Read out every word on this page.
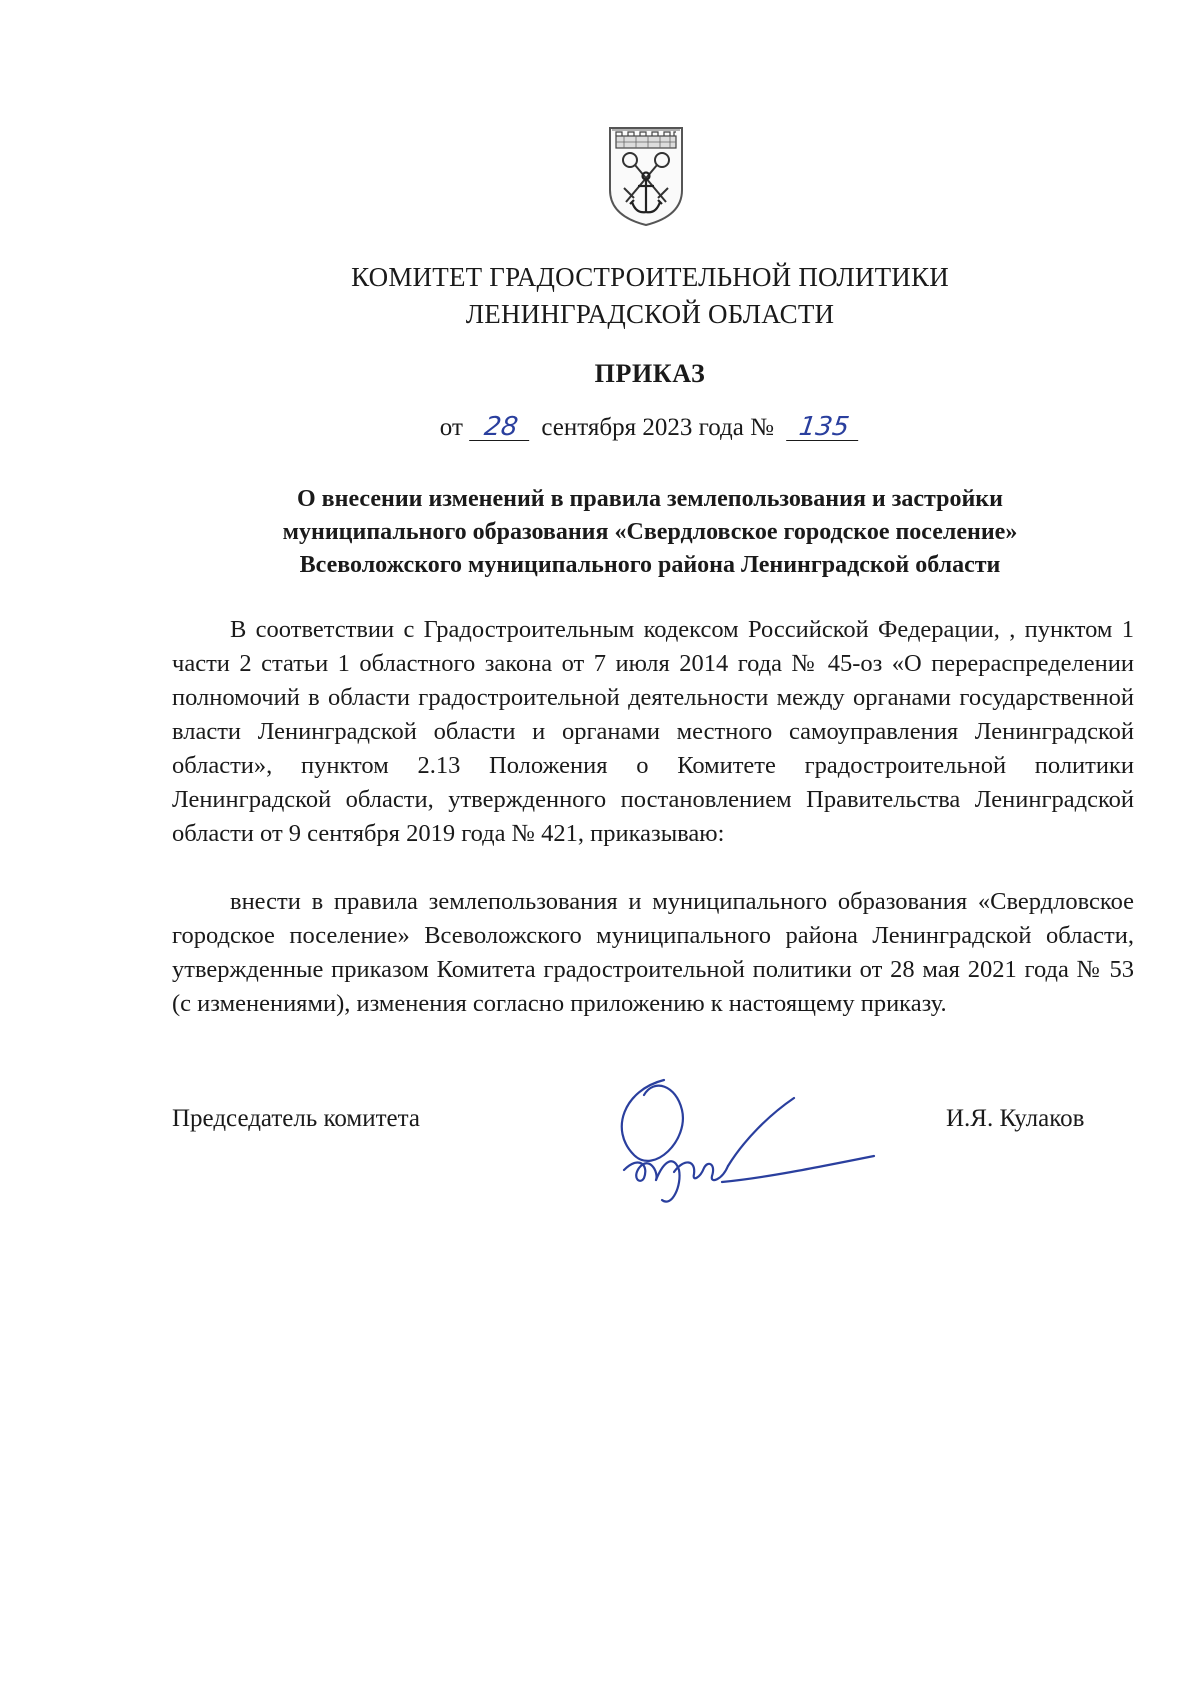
КОМИТЕТ ГРАДОСТРОИТЕЛЬНОЙ ПОЛИТИКИ
ЛЕНИНГРАДСКОЙ ОБЛАСТИ
ПРИКАЗ
от 28 сентября 2023 года № 135
О внесении изменений в правила землепользования и застройки
муниципального образования «Свердловское городское поселение»
Всеволожского муниципального района Ленинградской области

В соответствии с Градостроительным кодексом Российской Федерации, , пунктом 1 части 2 статьи 1 областного закона от 7 июля 2014 года № 45-оз «О перераспределении полномочий в области градостроительной деятельности между органами государственной власти Ленинградской области и органами местного самоуправления Ленинградской области», пунктом 2.13 Положения о Комитете градостроительной политики Ленинградской области, утвержденного постановлением Правительства Ленинградской области от 9 сентября 2019 года № 421, приказываю:

внести в правила землепользования и муниципального образования «Свердловское городское поселение» Всеволожского муниципального района Ленинградской области, утвержденные приказом Комитета градостроительной политики от 28 мая 2021 года № 53 (с изменениями), изменения согласно приложению к настоящему приказу.

Председатель комитета	И.Я. Кулаков
